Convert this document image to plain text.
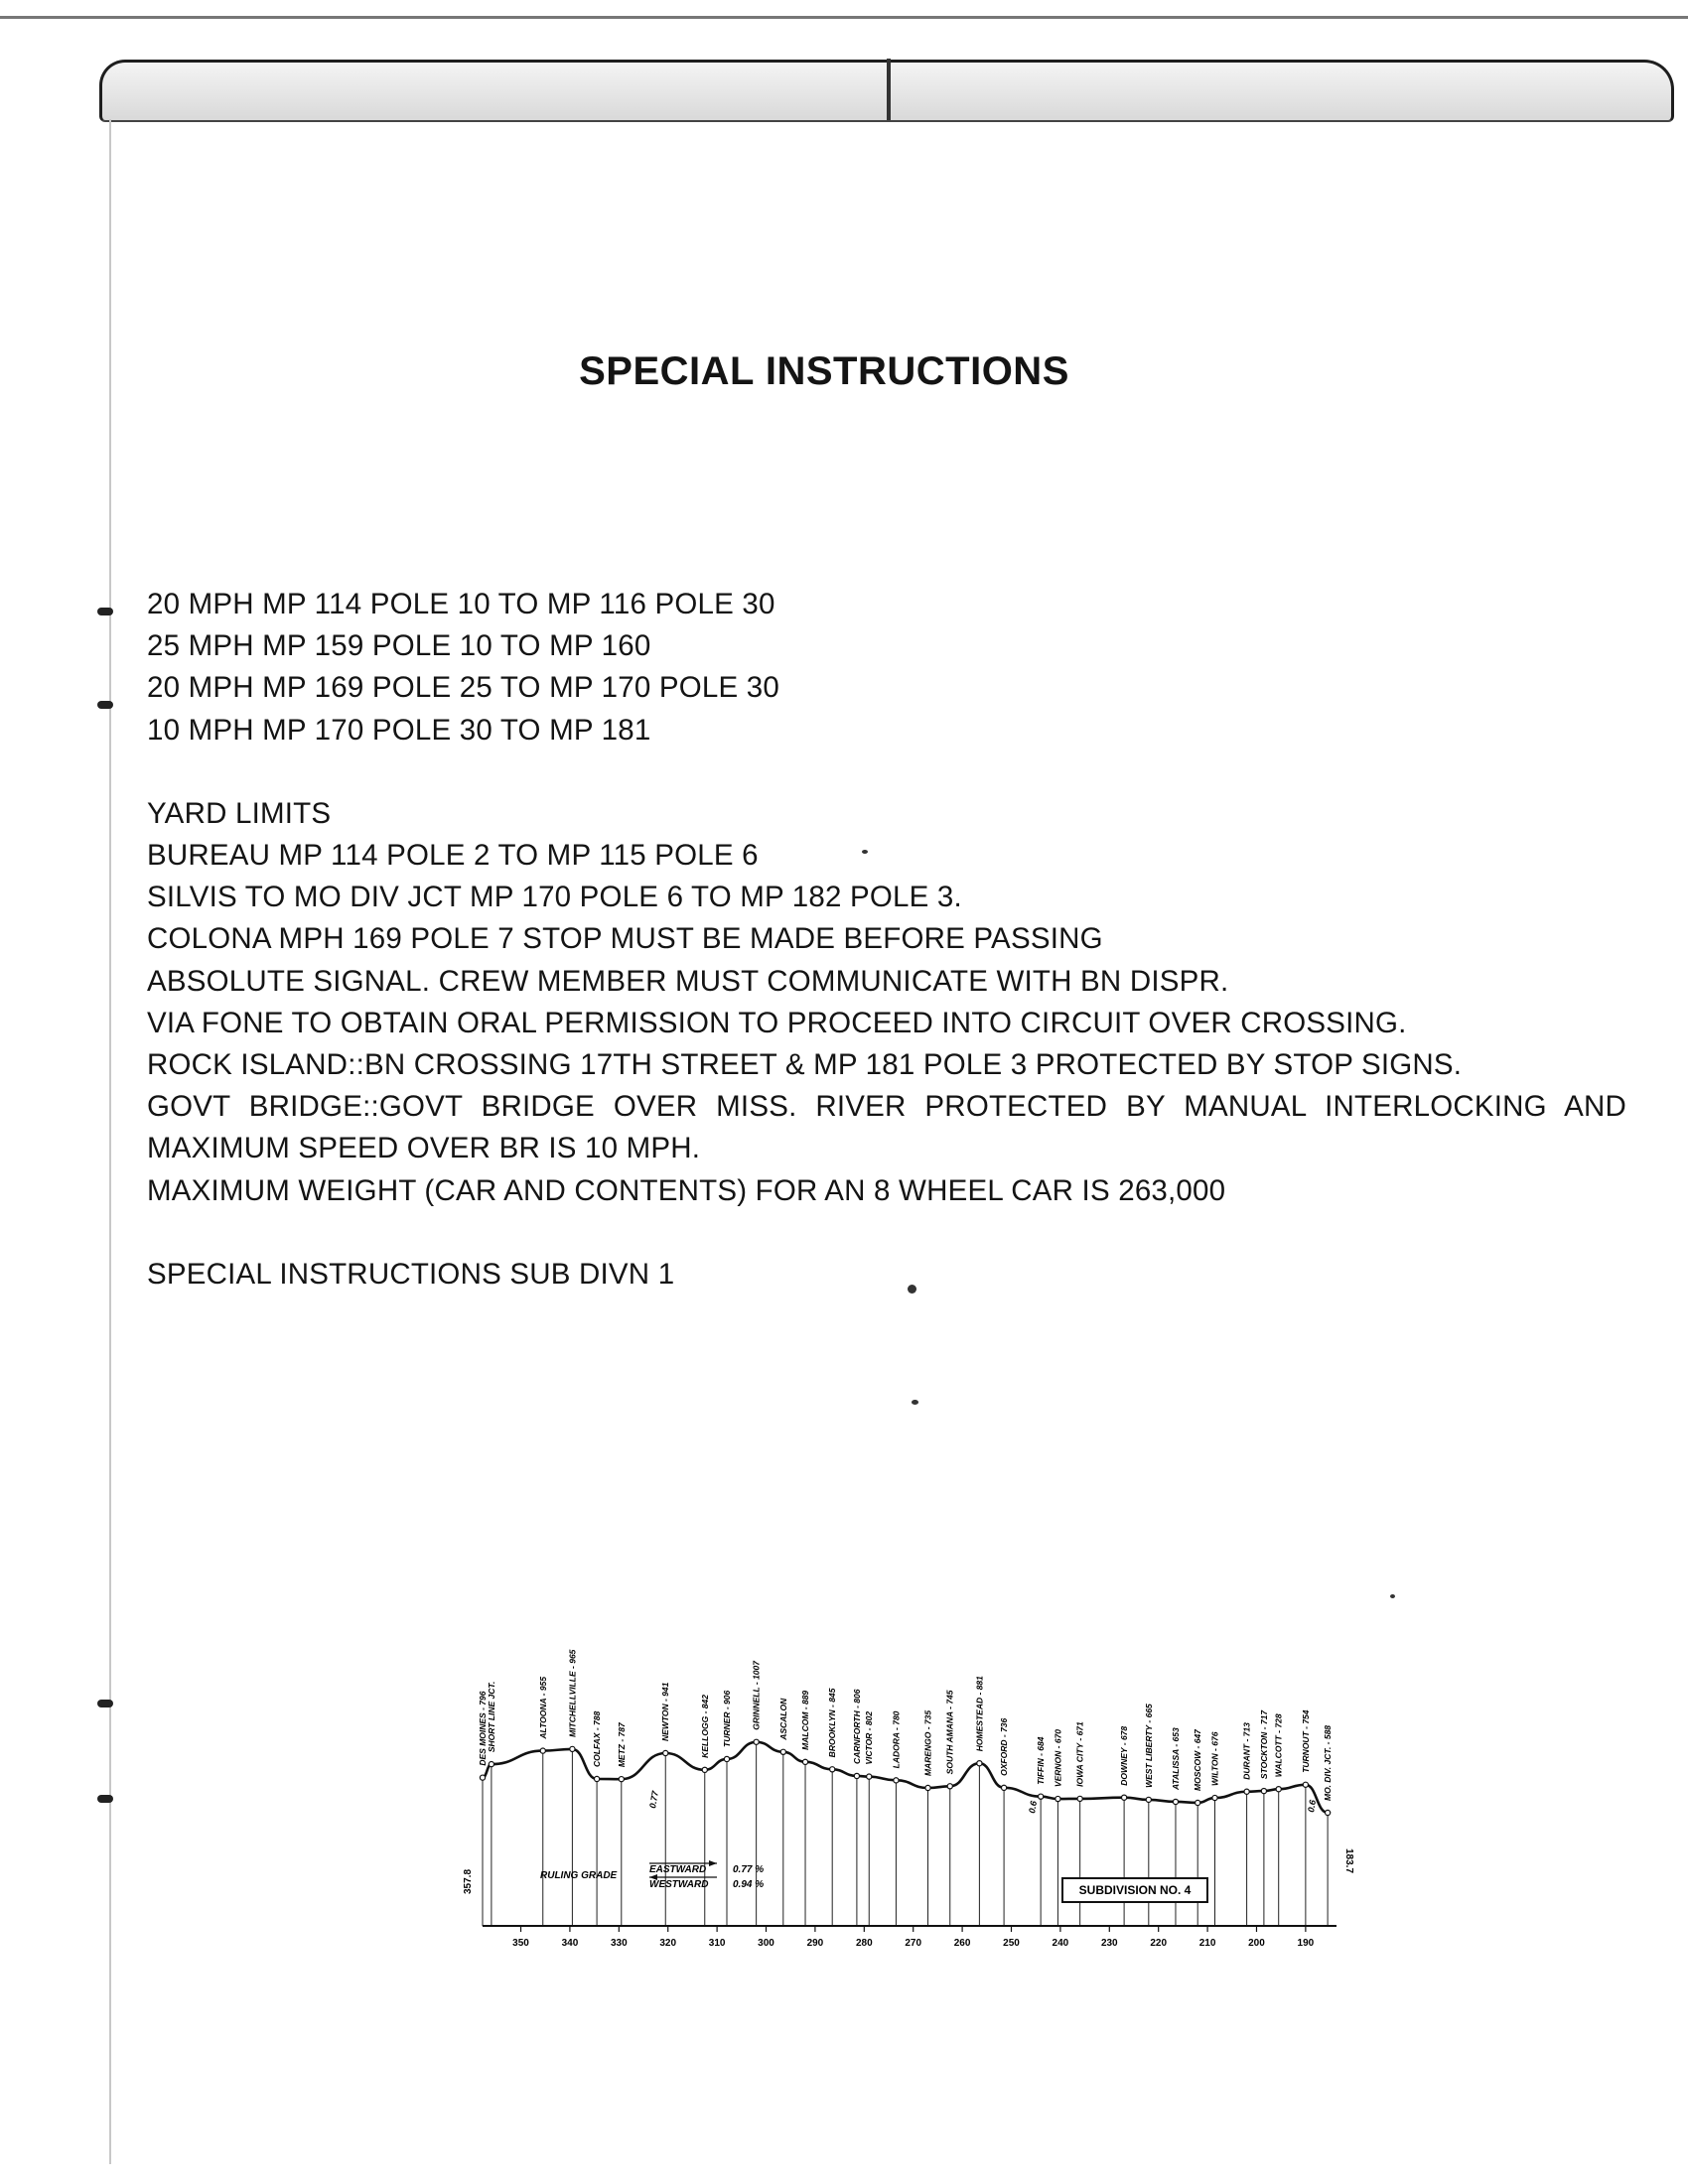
SPECIAL INSTRUCTIONS
20 MPH MP 114 POLE 10 TO MP 116 POLE 30
25 MPH MP 159 POLE 10 TO MP 160
20 MPH MP 169 POLE 25 TO MP 170 POLE 30
10 MPH MP 170 POLE 30 TO MP 181
YARD LIMITS
BUREAU MP 114 POLE 2 TO MP 115 POLE 6
SILVIS TO MO DIV JCT MP 170 POLE 6 TO MP 182 POLE 3.
COLONA MPH 169 POLE 7 STOP MUST BE MADE BEFORE PASSING
ABSOLUTE SIGNAL. CREW MEMBER MUST COMMUNICATE WITH BN DISPR.
VIA FONE TO OBTAIN ORAL PERMISSION TO PROCEED INTO CIRCUIT OVER CROSSING.
ROCK ISLAND::BN CROSSING 17TH STREET & MP 181 POLE 3 PROTECTED BY STOP SIGNS.
GOVT BRIDGE::GOVT BRIDGE OVER MISS. RIVER PROTECTED BY MANUAL INTERLOCKING AND
MAXIMUM SPEED OVER BR IS 10 MPH.
MAXIMUM WEIGHT (CAR AND CONTENTS) FOR AN 8 WHEEL CAR IS 263,000
SPECIAL INSTRUCTIONS SUB DIVN 1
DES MOINES - 796
SHORT LINE JCT.	ALTOONA - 955 MITCHELLVILLE - 965
COLFAX - 788 METZ - 787
NEWTON - 941	KELLOGG - 842 TURNER - 906 GRINNELL - 1007 ASCALON MALCOM - 889 BROOKLYN - 845 CARNFORTH - 806 VICTOR - 802 LADORA - 780	MARENGO - 735 SOUTH AMANA - 745 HOMESTEAD - 881 OXFORD - 736	TIFFIN - 684 VERNON - 670 IOWA CITY - 671	DOWNEY - 678 WEST LIBERTY - 665 ATALISSA - 653 MOSCOW - 647 WILTON - 676	DURANT - 713 STOCKTON - 717 WALCOTT - 728 TURNOUT - 754 MO. DIV. JCT. - 588
350	340	330	320	310	300	290	280	270	260	250	240	230	220	210	200	190
357.8
183.7
0.6
0.77	0.6
RULING GRADE
EASTWARD	0.77 %
WESTWARD 0.94 %	SUBDIVISION NO. 4
